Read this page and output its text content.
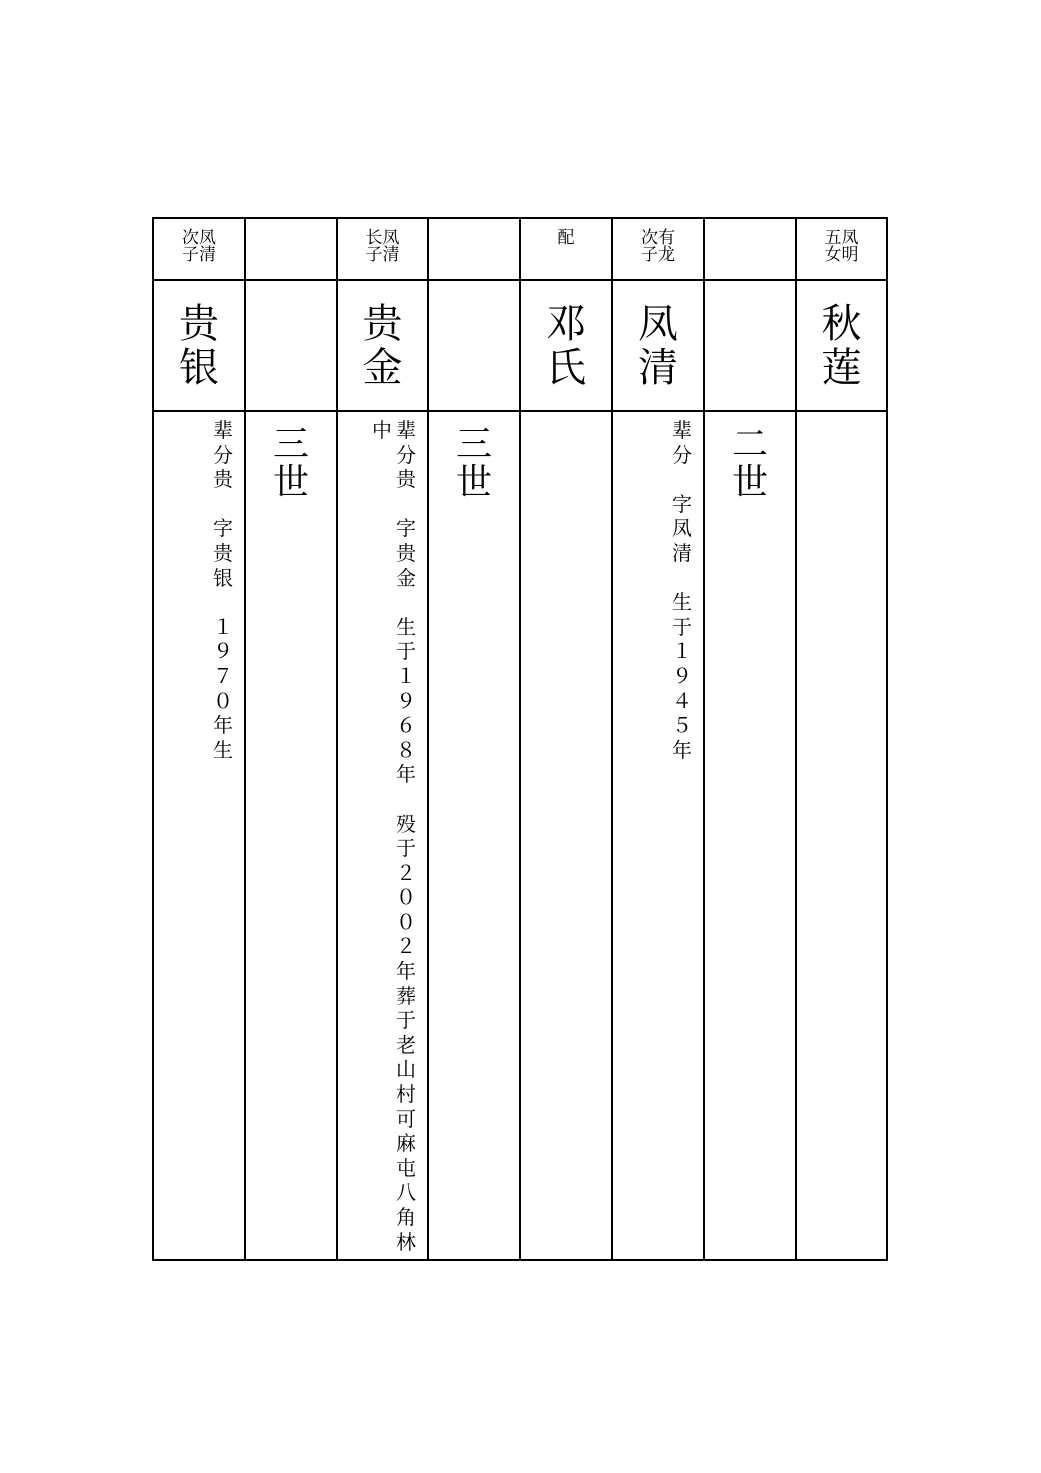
次凤
子清
贵
银
辈
分
贵

字
贵
银

１
９
７
０
年
生
三
世
长凤
子清
贵
金
辈
分
贵

字
贵
金

生
于
１
９
６
８
年

殁
于
２
０
０
２
年
葬
于
老
山
村
可
麻
屯
八
角
林
中 三
世
配
邓
氏
次有
子龙
凤
清
辈
分

字
凤
清

生
于
１
９
４
５
年
二
世
五凤
女明
秋
莲
